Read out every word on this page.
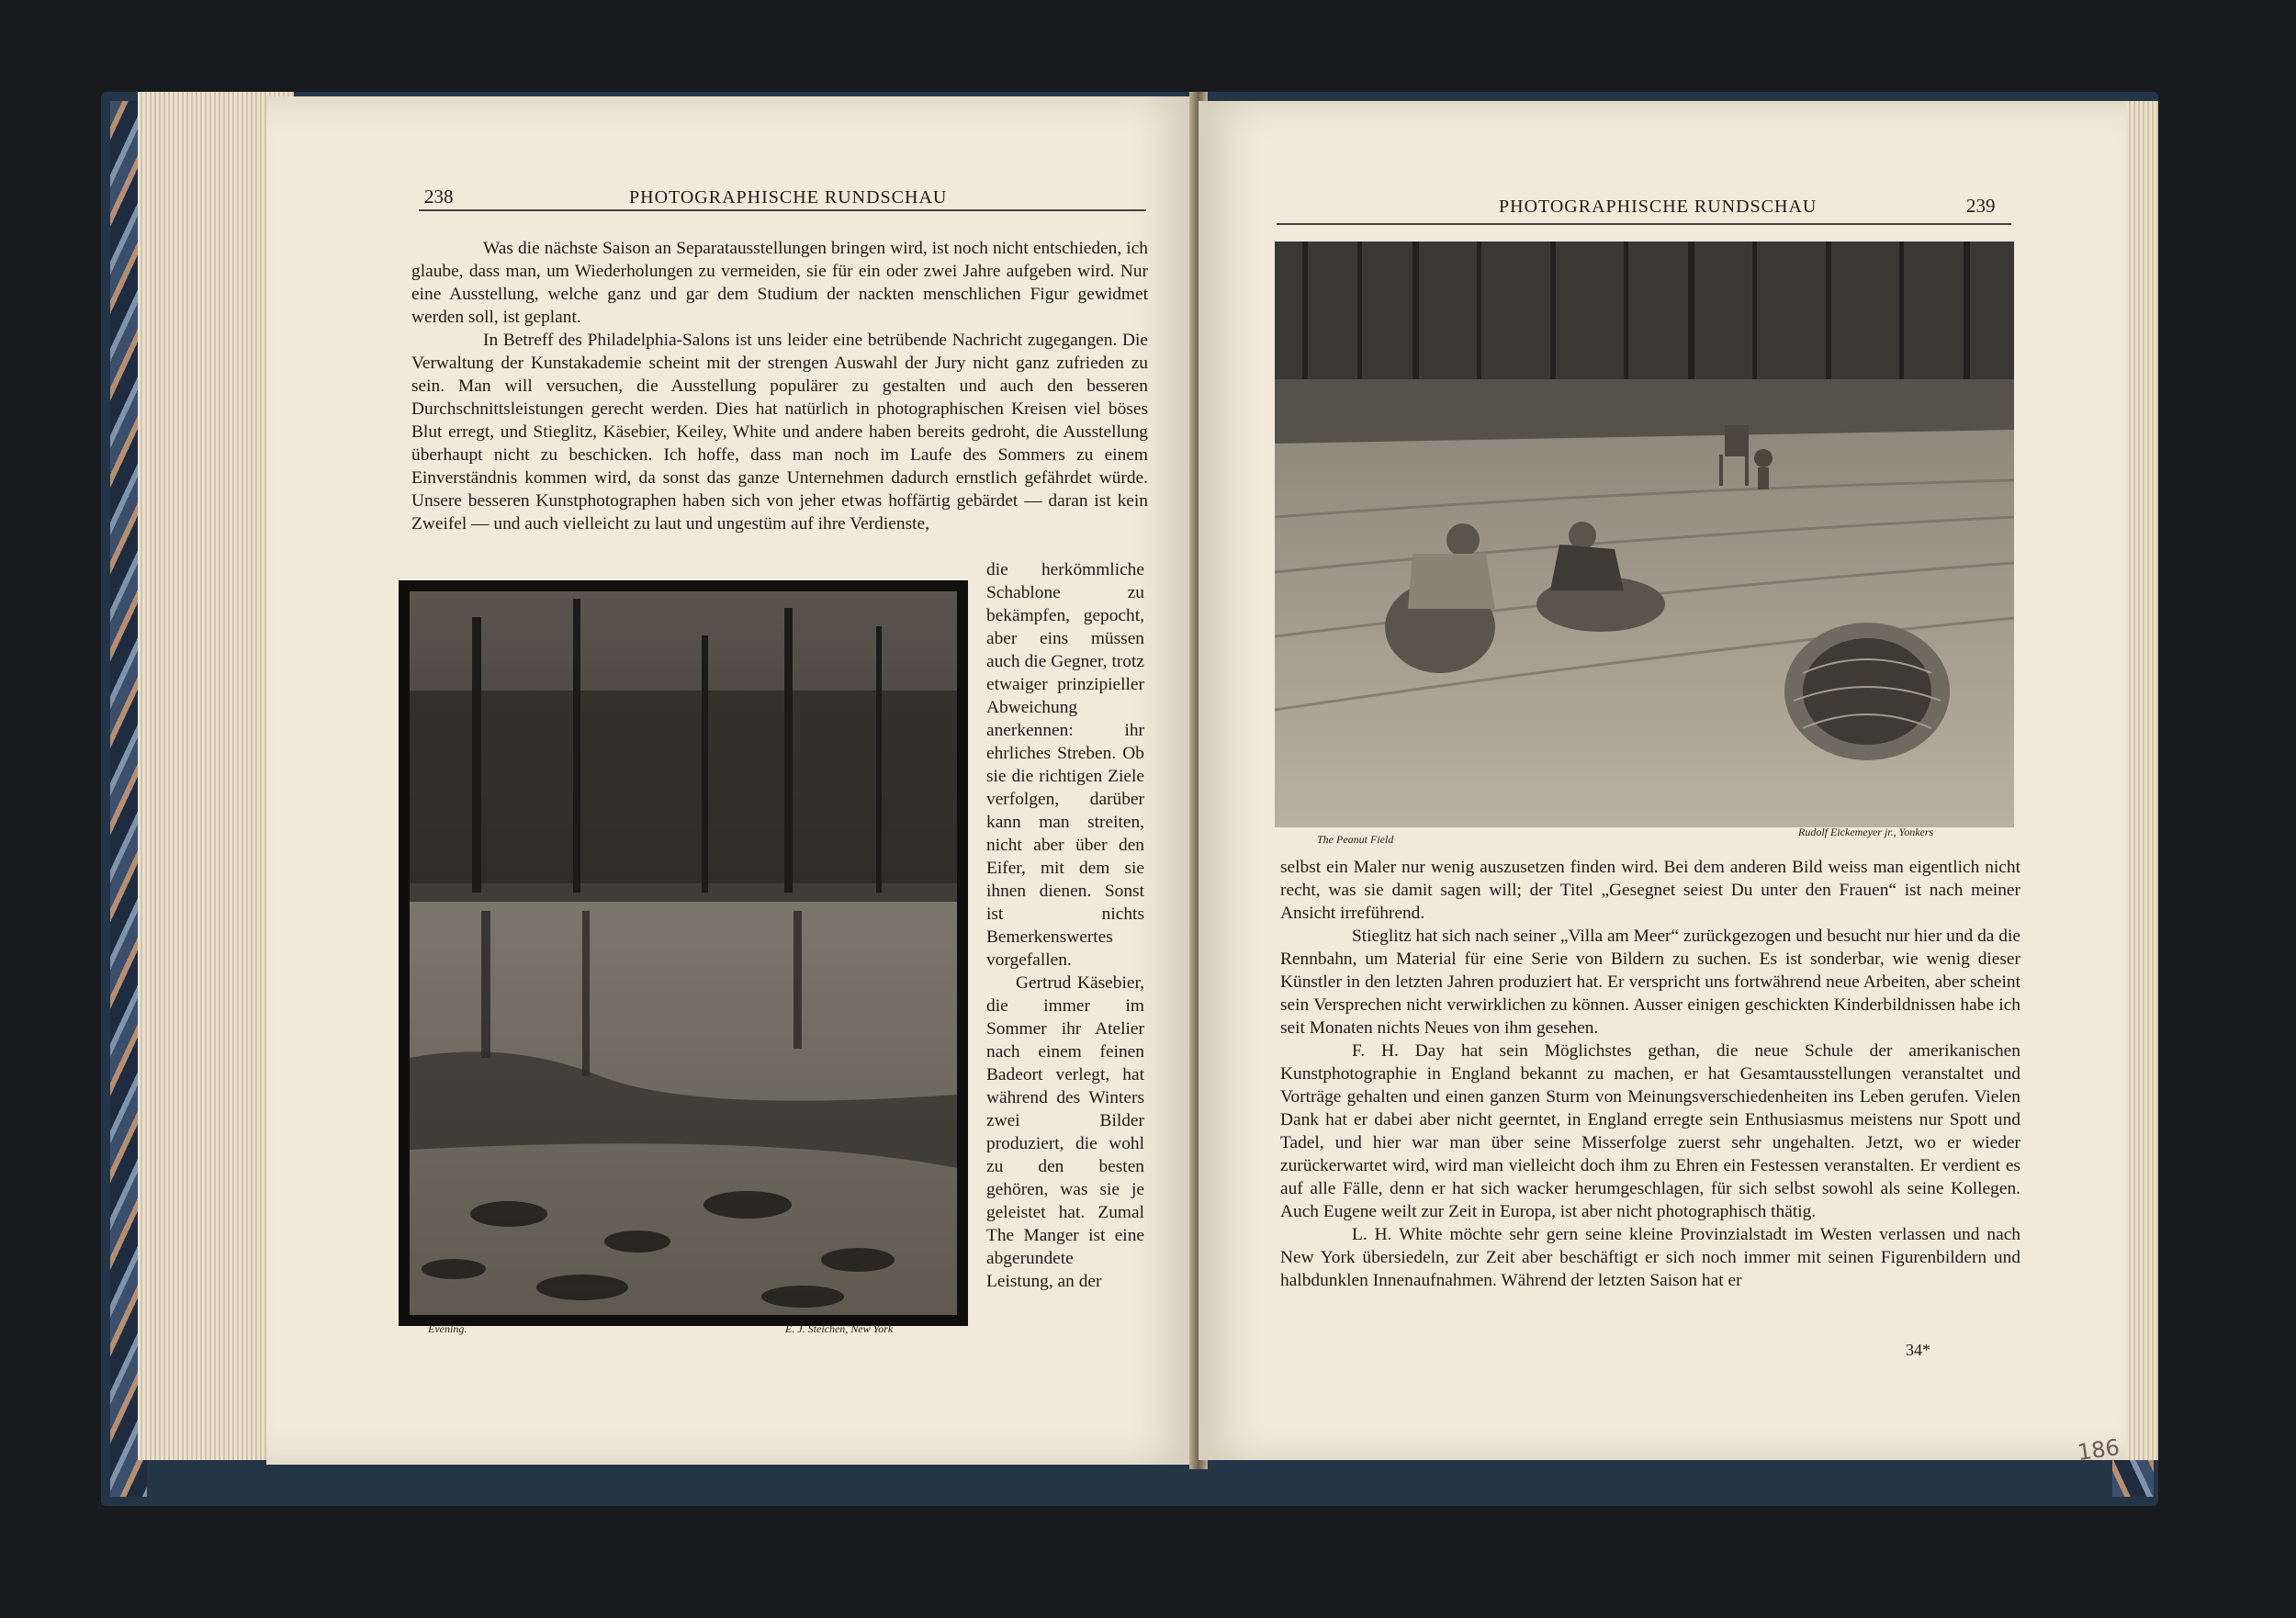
238	PHOTOGRAPHISCHE RUNDSCHAU

Was die nächste Saison an Separatausstellungen bringen wird, ist noch nicht entschieden, ich glaube, dass man, um Wiederholungen zu vermeiden, sie für ein oder zwei Jahre aufgeben wird. Nur eine Ausstellung, welche ganz und gar dem Studium der nackten menschlichen Figur gewidmet werden soll, ist geplant.

In Betreff des Philadelphia-Salons ist uns leider eine betrübende Nachricht zugegangen. Die Verwaltung der Kunstakademie scheint mit der strengen Auswahl der Jury nicht ganz zufrieden zu sein. Man will versuchen, die Ausstellung populärer zu gestalten und auch den besseren Durchschnittsleistungen gerecht werden. Dies hat natürlich in photographischen Kreisen viel böses Blut erregt, und Stieglitz, Käsebier, Keiley, White und andere haben bereits gedroht, die Ausstellung überhaupt nicht zu beschicken. Ich hoffe, dass man noch im Laufe des Sommers zu einem Einverständnis kommen wird, da sonst das ganze Unternehmen dadurch ernstlich gefährdet würde. Unsere besseren Kunstphotographen haben sich von jeher etwas hoffärtig gebärdet — daran ist kein Zweifel — und auch vielleicht zu laut und ungestüm auf ihre Verdienste,

Evening.	E. J. Steichen, New York

die herkömmliche Schablone zu bekämpfen, gepocht, aber eins müssen auch die Gegner, trotz etwaiger prinzipieller Abweichung anerkennen: ihr ehrliches Streben. Ob sie die richtigen Ziele verfolgen, darüber kann man streiten, nicht aber über den Eifer, mit dem sie ihnen dienen. Sonst ist nichts Bemerkenswertes vorgefallen.

Gertrud Käsebier, die immer im Sommer ihr Atelier nach einem feinen Badeort verlegt, hat während des Winters zwei Bilder produziert, die wohl zu den besten gehören, was sie je geleistet hat. Zumal The Manger ist eine abgerundete Leistung, an der

PHOTOGRAPHISCHE RUNDSCHAU	239
The Peanut Field
Rudolf Eickemeyer jr., Yonkers

selbst ein Maler nur wenig auszusetzen finden wird. Bei dem anderen Bild weiss man eigentlich nicht recht, was sie damit sagen will; der Titel „Gesegnet seiest Du unter den Frauen“ ist nach meiner Ansicht irreführend.

Stieglitz hat sich nach seiner „Villa am Meer“ zurückgezogen und besucht nur hier und da die Rennbahn, um Material für eine Serie von Bildern zu suchen. Es ist sonderbar, wie wenig dieser Künstler in den letzten Jahren produziert hat. Er verspricht uns fortwährend neue Arbeiten, aber scheint sein Versprechen nicht verwirklichen zu können. Ausser einigen geschickten Kinderbildnissen habe ich seit Monaten nichts Neues von ihm gesehen.

F. H. Day hat sein Möglichstes gethan, die neue Schule der amerikanischen Kunstphotographie in England bekannt zu machen, er hat Gesamtausstellungen veranstaltet und Vorträge gehalten und einen ganzen Sturm von Meinungsverschiedenheiten ins Leben gerufen. Vielen Dank hat er dabei aber nicht geerntet, in England erregte sein Enthusiasmus meistens nur Spott und Tadel, und hier war man über seine Misserfolge zuerst sehr ungehalten. Jetzt, wo er wieder zurückerwartet wird, wird man vielleicht doch ihm zu Ehren ein Festessen veranstalten. Er verdient es auf alle Fälle, denn er hat sich wacker herumgeschlagen, für sich selbst sowohl als seine Kollegen. Auch Eugene weilt zur Zeit in Europa, ist aber nicht photographisch thätig.

L. H. White möchte sehr gern seine kleine Provinzialstadt im Westen verlassen und nach New York übersiedeln, zur Zeit aber beschäftigt er sich noch immer mit seinen Figurenbildern und halbdunklen Innenaufnahmen. Während der letzten Saison hat er

34*
186
